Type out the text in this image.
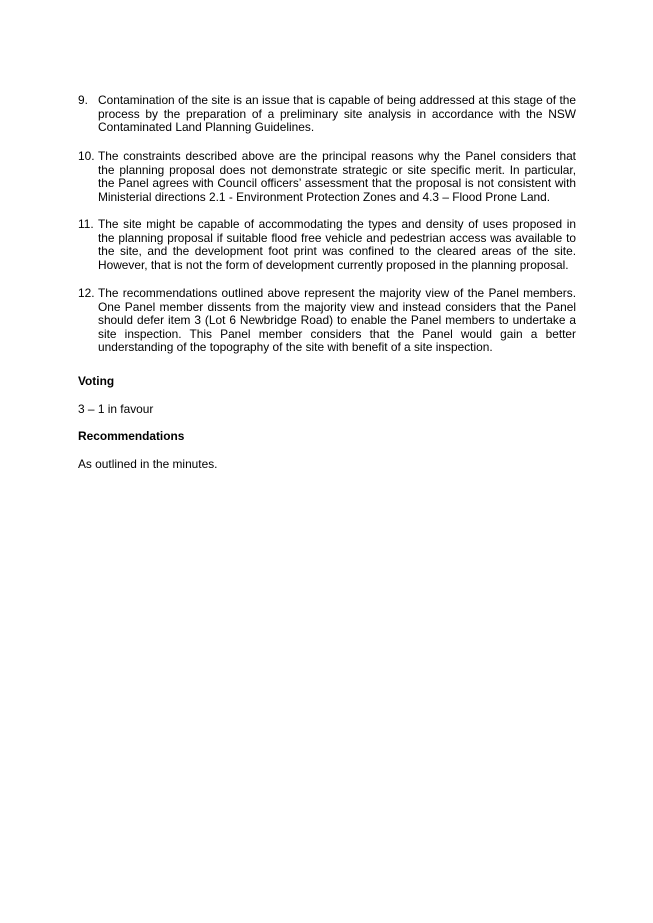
9. Contamination of the site is an issue that is capable of being addressed at this stage of the process by the preparation of a preliminary site analysis in accordance with the NSW Contaminated Land Planning Guidelines.
10. The constraints described above are the principal reasons why the Panel considers that the planning proposal does not demonstrate strategic or site specific merit. In particular, the Panel agrees with Council officers’ assessment that the proposal is not consistent with Ministerial directions 2.1 - Environment Protection Zones and 4.3 – Flood Prone Land.
11. The site might be capable of accommodating the types and density of uses proposed in the planning proposal if suitable flood free vehicle and pedestrian access was available to the site, and the development foot print was confined to the cleared areas of the site. However, that is not the form of development currently proposed in the planning proposal.
12. The recommendations outlined above represent the majority view of the Panel members. One Panel member dissents from the majority view and instead considers that the Panel should defer item 3 (Lot 6 Newbridge Road) to enable the Panel members to undertake a site inspection. This Panel member considers that the Panel would gain a better understanding of the topography of the site with benefit of a site inspection.
Voting
3 – 1 in favour
Recommendations
As outlined in the minutes.
